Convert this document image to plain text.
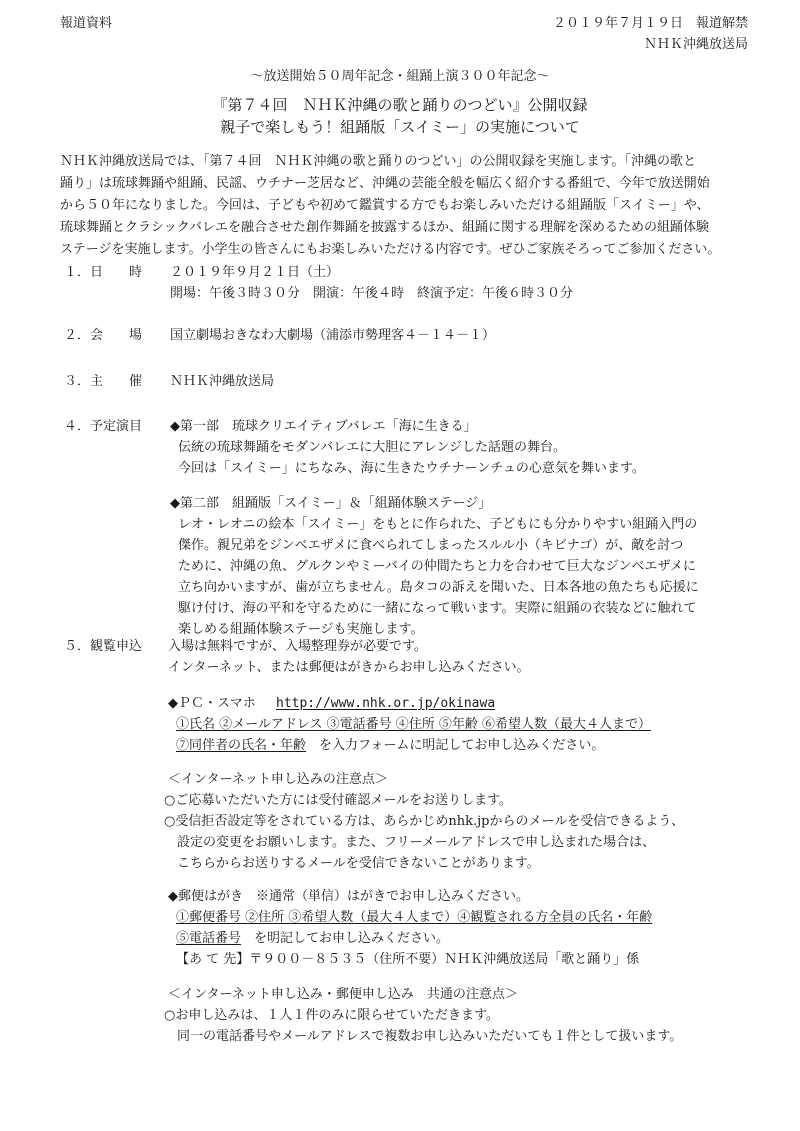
報道資料	２０１９年７月１９日　報道解禁
ＮＨＫ沖縄放送局
～放送開始５０周年記念・組踊上演３００年記念～
『第７４回　ＮＨＫ沖縄の歌と踊りのつどい』公開収録
親子で楽しもう！組踊版「スイミー」の実施について
ＮＨＫ沖縄放送局では、「第７４回　ＮＨＫ沖縄の歌と踊りのつどい」の公開収録を実施します。「沖縄の歌と
踊り」は琉球舞踊や組踊、民謡、ウチナー芝居など、沖縄の芸能全般を幅広く紹介する番組で、今年で放送開始
から５０年になりました。今回は、子どもや初めて鑑賞する方でもお楽しみいただける組踊版「スイミー」や、
琉球舞踊とクラシックバレエを融合させた創作舞踊を披露するほか、組踊に関する理解を深めるための組踊体験
ステージを実施します。小学生の皆さんにもお楽しみいただける内容です。ぜひご家族そろってご参加ください。
１． 日　　時 ２０１９年９月２１日（土）
開場：午後３時３０分　開演：午後４時　終演予定：午後６時３０分
２． 会　　場 国立劇場おきなわ大劇場（浦添市勢理客４－１４－１）
３． 主　　催 ＮＨＫ沖縄放送局
４． 予定演目 ◆第一部　琉球クリエイティブバレエ「海に生きる」
伝統の琉球舞踊をモダンバレエに大胆にアレンジした話題の舞台。
今回は「スイミー」にちなみ、海に生きたウチナーンチュの心意気を舞います。
◆第二部　組踊版「スイミー」＆「組踊体験ステージ」
レオ・レオニの絵本「スイミー」をもとに作られた、子どもにも分かりやすい組踊入門の
傑作。親兄弟をジンベエザメに食べられてしまったスルル小（キビナゴ）が、敵を討つ
ために、沖縄の魚、グルクンやミーバイの仲間たちと力を合わせて巨大なジンベエザメに
立ち向かいますが、歯が立ちません。島タコの訴えを聞いた、日本各地の魚たちも応援に
駆け付け、海の平和を守るために一緒になって戦います。実際に組踊の衣装などに触れて
楽しめる組踊体験ステージも実施します。
５． 観覧申込 入場は無料ですが、入場整理券が必要です。
インターネット、または郵便はがきからお申し込みください。
◆ＰＣ・スマホ http://www.nhk.or.jp/okinawa
①氏名 ②メールアドレス ③電話番号 ④住所 ⑤年齢 ⑥希望人数（最大４人まで）
⑦同伴者の氏名・年齢　を入力フォームに明記してお申し込みください。
＜インターネット申し込みの注意点＞
○ご応募いただいた方には受付確認メールをお送りします。
○受信拒否設定等をされている方は、あらかじめnhk.jpからのメールを受信できるよう、
　設定の変更をお願いします。また、フリーメールアドレスで申し込まれた場合は、
　こちらからお送りするメールを受信できないことがあります。
◆郵便はがき　※通常（単信）はがきでお申し込みください。
①郵便番号 ②住所 ③希望人数（最大４人まで）④観覧される方全員の氏名・年齢
⑤電話番号　を明記してお申し込みください。
【あ て 先】〒９００－８５３５（住所不要）ＮＨＫ沖縄放送局「歌と踊り」係
＜インターネット申し込み・郵便申し込み　共通の注意点＞
○お申し込みは、１人１件のみに限らせていただきます。
　同一の電話番号やメールアドレスで複数お申し込みいただいても１件として扱います。
